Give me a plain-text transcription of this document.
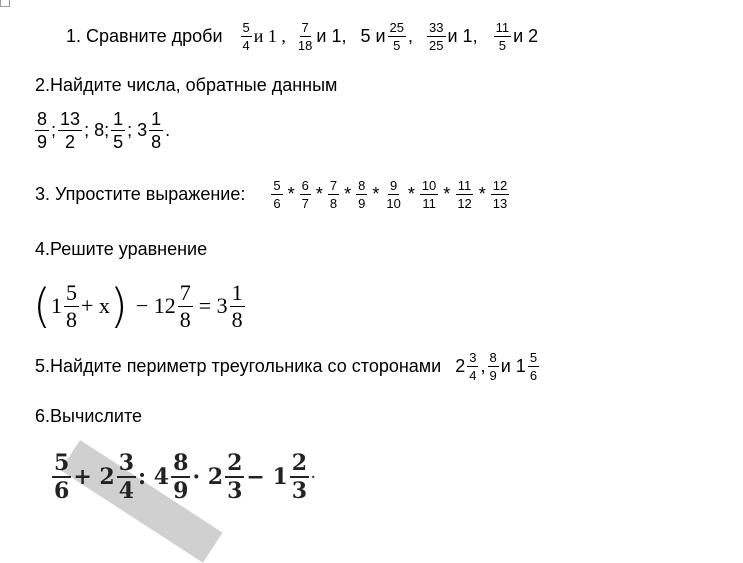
1. Сравните дроби $\frac{5}{4}$ и 1 , $\frac{7}{18}$ и 1, 5 и $\frac{25}{5}$ , $\frac{33}{25}$ и 1, $\frac{11}{5}$ и 2
2.Найдите числа, обратные данным
$\frac{8}{9}$ ; $\frac{13}{2}$ ; 8; $\frac{1}{5}$ ; $3 \frac{1}{8}$ .
3. Упростите выражение: $\frac{5}{6} * \frac{6}{7} * \frac{7}{8} * \frac{8}{9} * \frac{9}{10} * \frac{10}{11} * \frac{11}{12} * \frac{12}{13}$
4.Решите уравнение
( $1 \frac{5}{8} + x$ ) − $12 \frac{7}{8} = 3 \frac{1}{8}$
5.Найдите периметр треугольника со сторонами $2 \frac{3}{4}$ , $\frac{8}{9}$ и $1 \frac{5}{6}$
6.Вычислите
$\frac{5}{6} + 2 \frac{3}{4}$ : $4 \frac{8}{9} \cdot 2 \frac{2}{3} - 1 \frac{2}{3}$ ·
